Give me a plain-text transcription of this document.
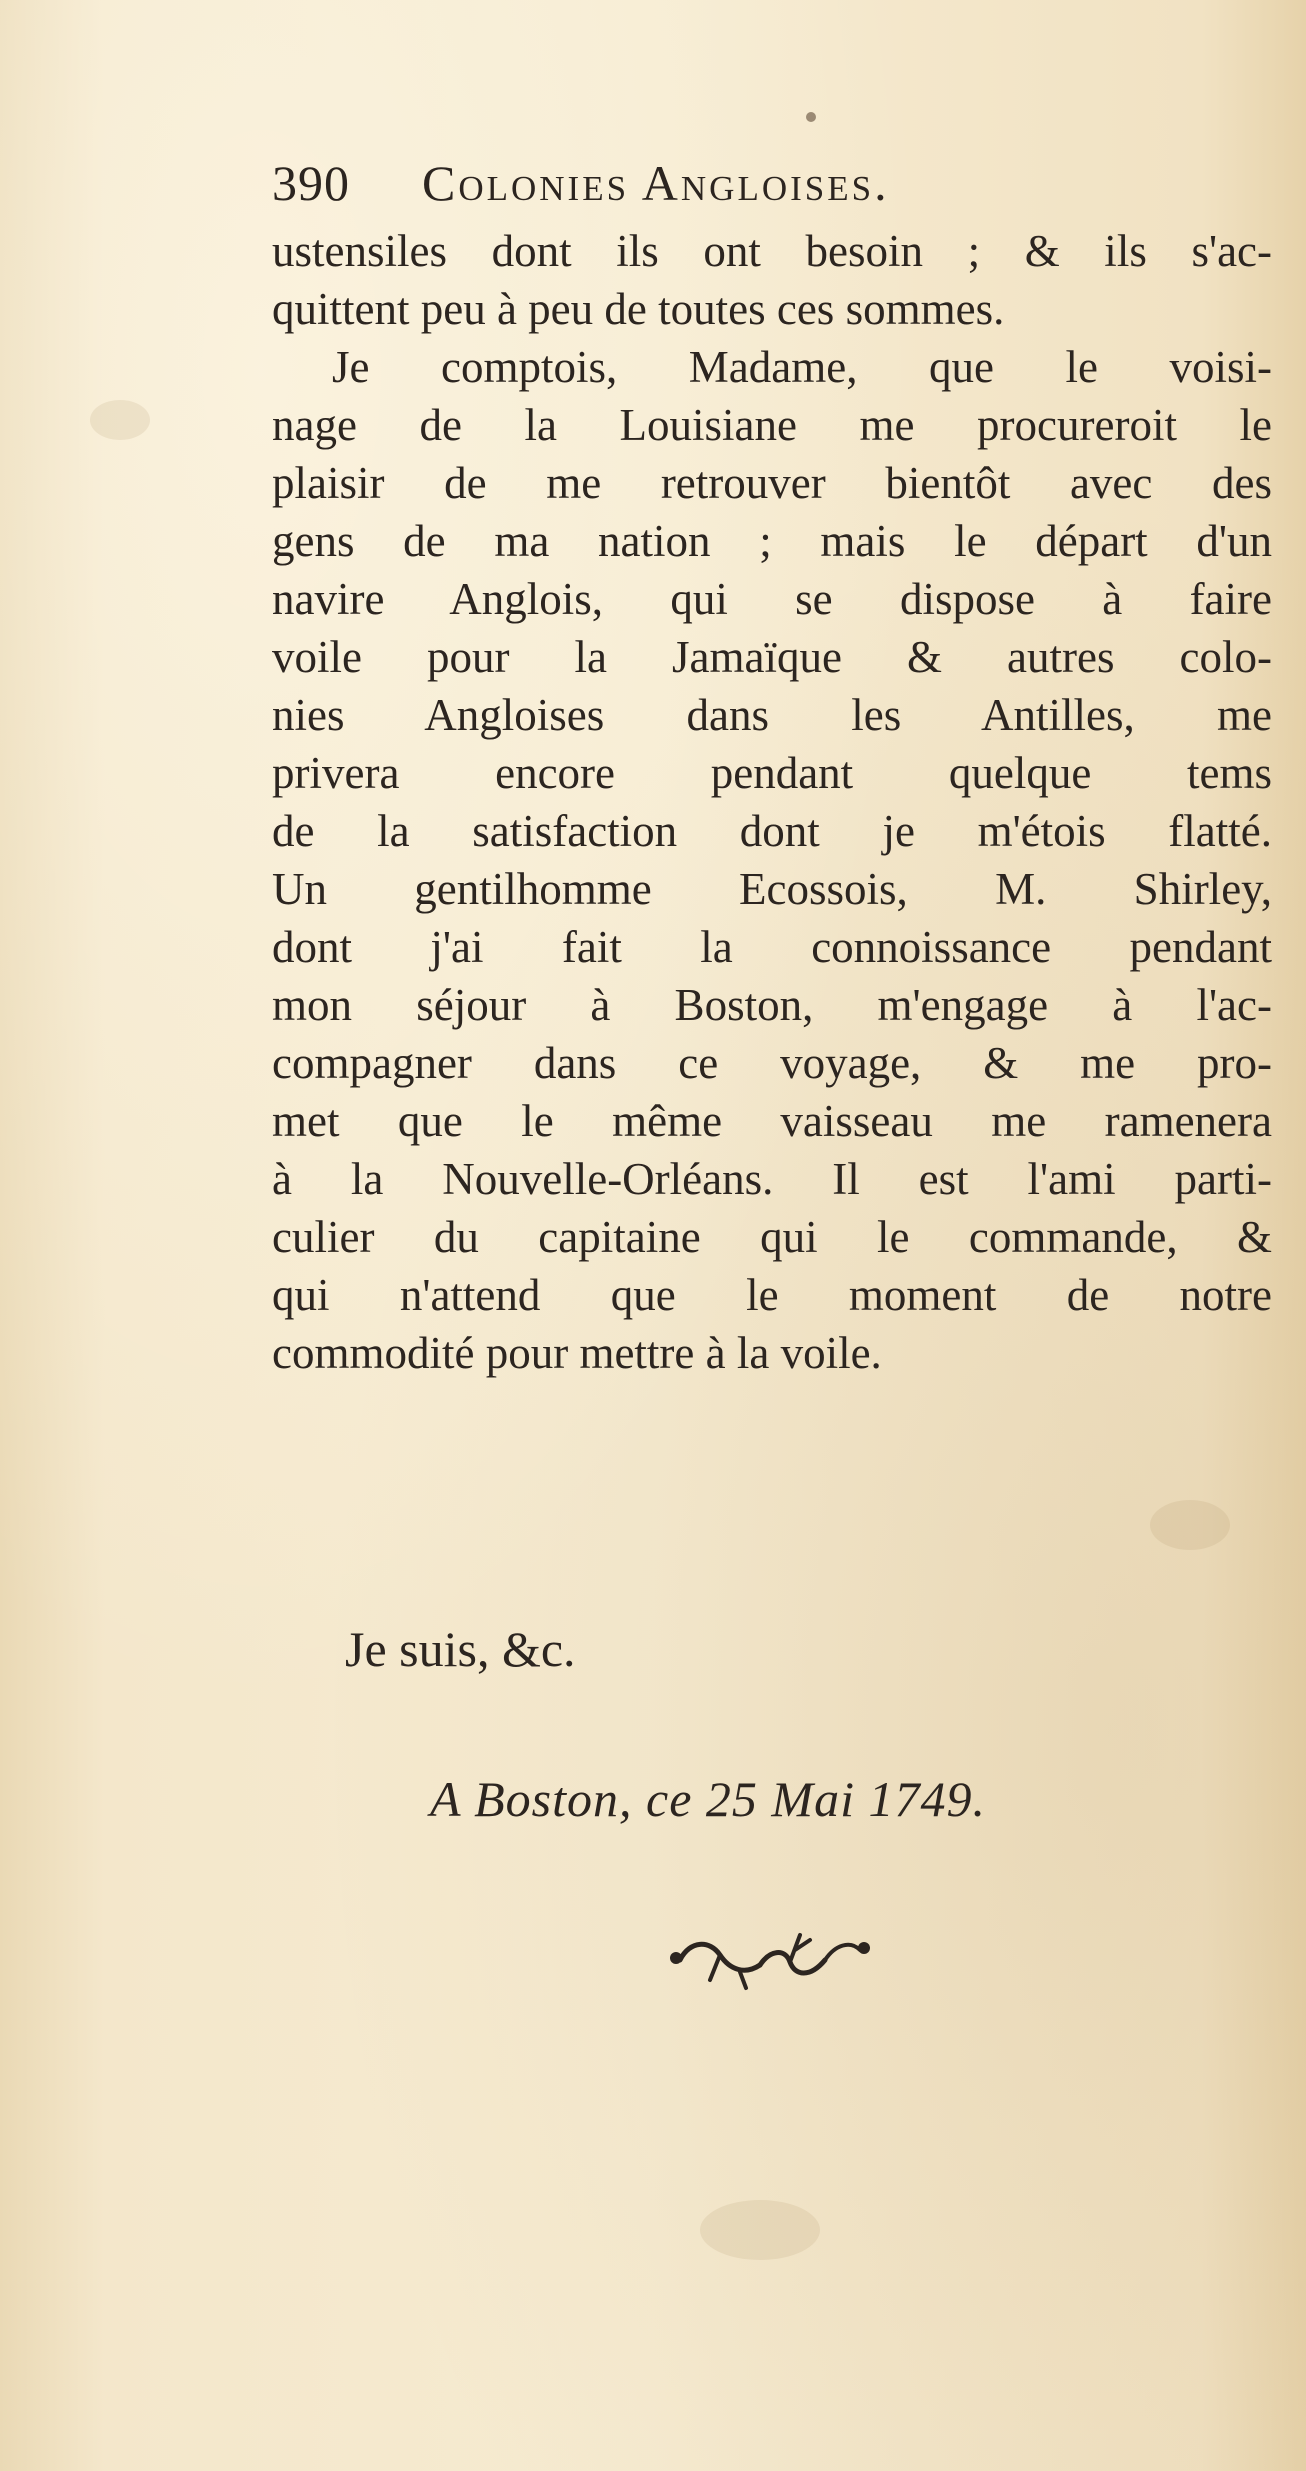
390	Colonies Angloises.
ustensiles dont ils ont besoin ; & ils s'ac-
quittent peu à peu de toutes ces sommes.
Je comptois, Madame, que le voisi-
nage de la Louisiane me procureroit le
plaisir de me retrouver bientôt avec des
gens de ma nation ; mais le départ d'un
navire Anglois, qui se dispose à faire
voile pour la Jamaïque & autres colo-
nies Angloises dans les Antilles, me
privera encore pendant quelque tems
de la satisfaction dont je m'étois flatté.
Un gentilhomme Ecossois, M. Shirley,
dont j'ai fait la connoissance pendant
mon séjour à Boston, m'engage à l'ac-
compagner dans ce voyage, & me pro-
met que le même vaisseau me ramenera
à la Nouvelle-Orléans. Il est l'ami parti-
culier du capitaine qui le commande, &
qui n'attend que le moment de notre
commodité pour mettre à la voile.
Je suis, &c.
A Boston, ce 25 Mai 1749.
